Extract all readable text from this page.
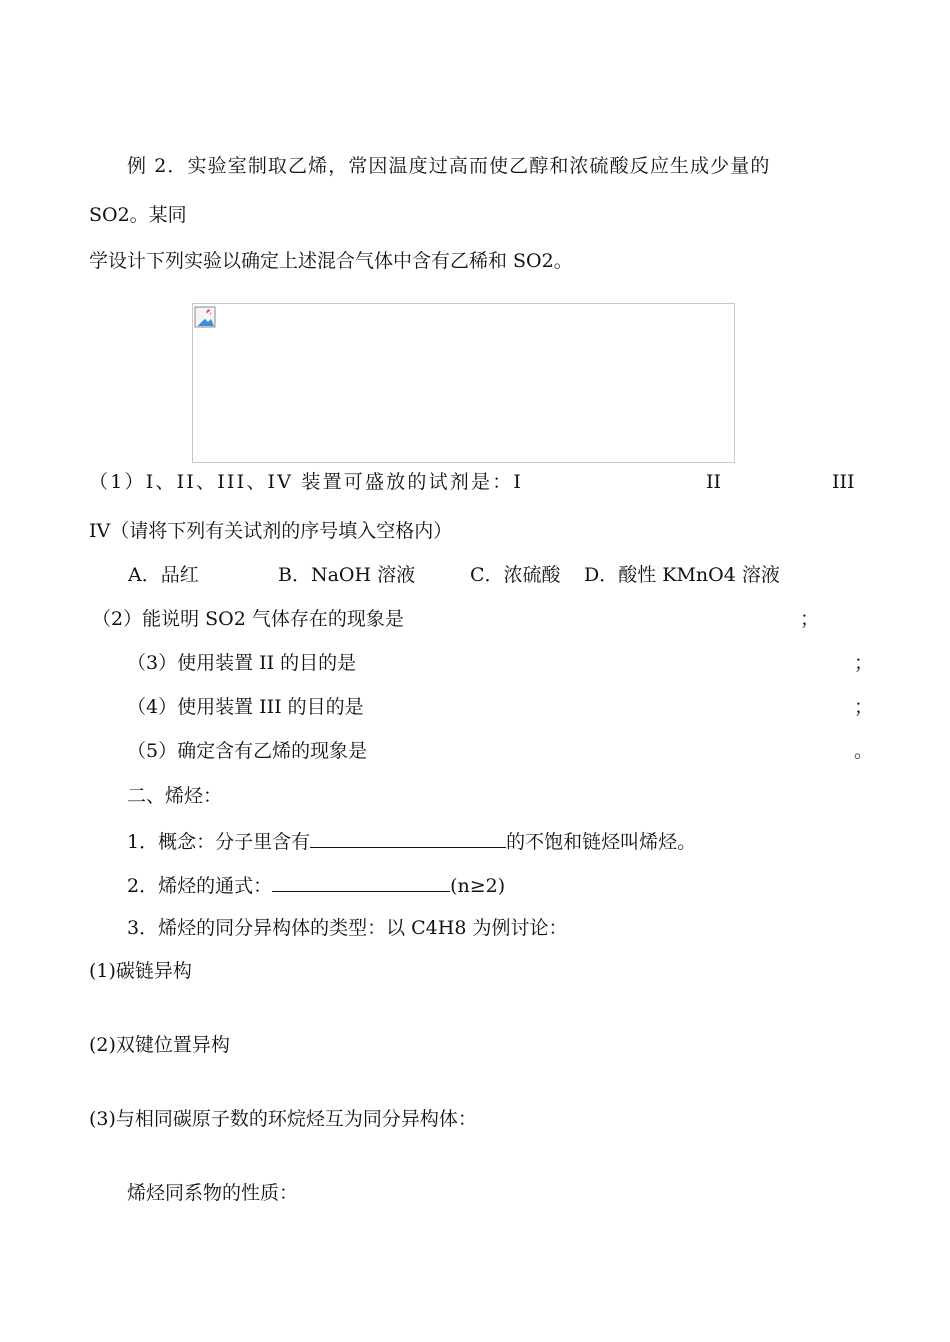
例 2．实验室制取乙烯，常因温度过高而使乙醇和浓硫酸反应生成少量的
SO2。某同
学设计下列实验以确定上述混合气体中含有乙稀和 SO2。
（1）I、II、III、IV 装置可盛放的试剂是：I	II	III
IV（请将下列有关试剂的序号填入空格内）
A．品红	B．NaOH 溶液	C．浓硫酸 D．酸性 KMnO4 溶液
（2）能说明 SO2 气体存在的现象是	；
（3）使用装置 II 的目的是	；
（4）使用装置 III 的目的是	；
（5）确定含有乙烯的现象是	。
二、烯烃：
1．概念：分子里含有	的不饱和链烃叫烯烃。
2．烯烃的通式：	(n≥2)
3．烯烃的同分异构体的类型：以 C4H8 为例讨论：
(1)碳链异构
(2)双键位置异构
(3)与相同碳原子数的环烷烃互为同分异构体：
烯烃同系物的性质：
